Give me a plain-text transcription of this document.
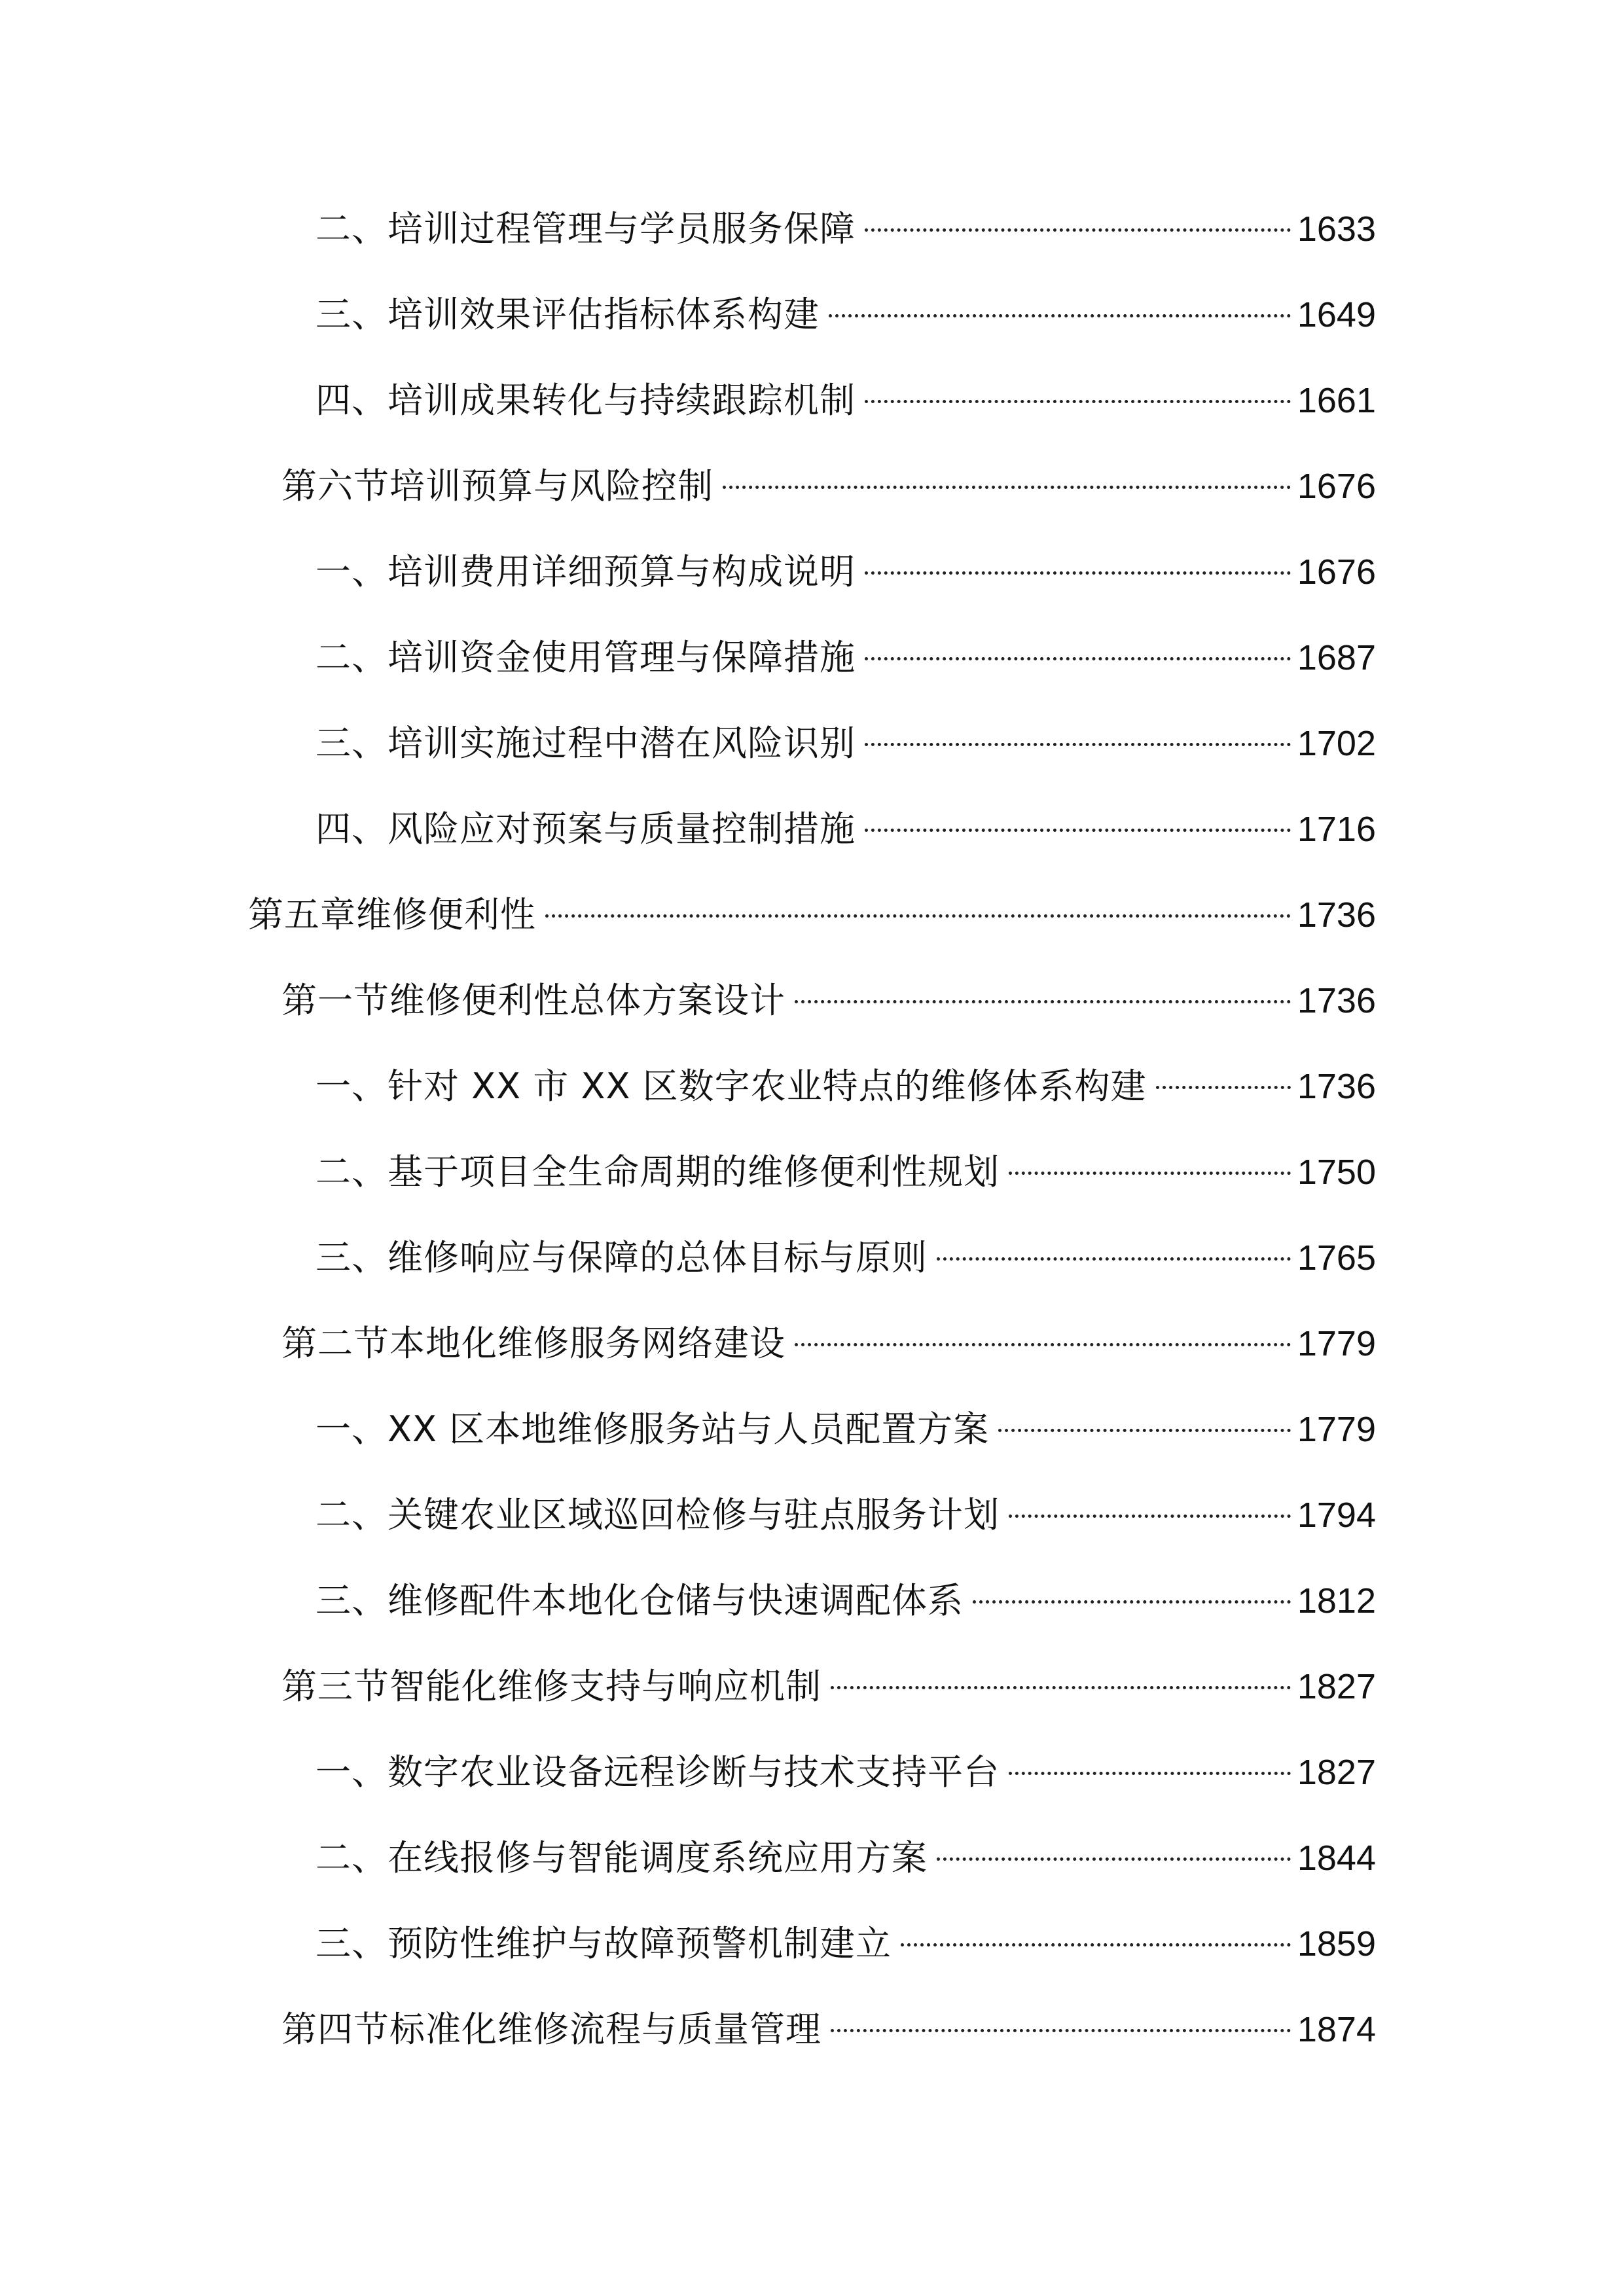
二、培训过程管理与学员服务保障	1633
三、培训效果评估指标体系构建	1649
四、培训成果转化与持续跟踪机制	1661
第六节培训预算与风险控制	1676
一、培训费用详细预算与构成说明	1676
二、培训资金使用管理与保障措施	1687
三、培训实施过程中潜在风险识别	1702
四、风险应对预案与质量控制措施	1716
第五章维修便利性	1736
第一节维修便利性总体方案设计	1736
一、针对 XX 市 XX 区数字农业特点的维修体系构建	1736
二、基于项目全生命周期的维修便利性规划	1750
三、维修响应与保障的总体目标与原则	1765
第二节本地化维修服务网络建设	1779
一、XX 区本地维修服务站与人员配置方案	1779
二、关键农业区域巡回检修与驻点服务计划	1794
三、维修配件本地化仓储与快速调配体系	1812
第三节智能化维修支持与响应机制	1827
一、数字农业设备远程诊断与技术支持平台	1827
二、在线报修与智能调度系统应用方案	1844
三、预防性维护与故障预警机制建立	1859
第四节标准化维修流程与质量管理	1874
